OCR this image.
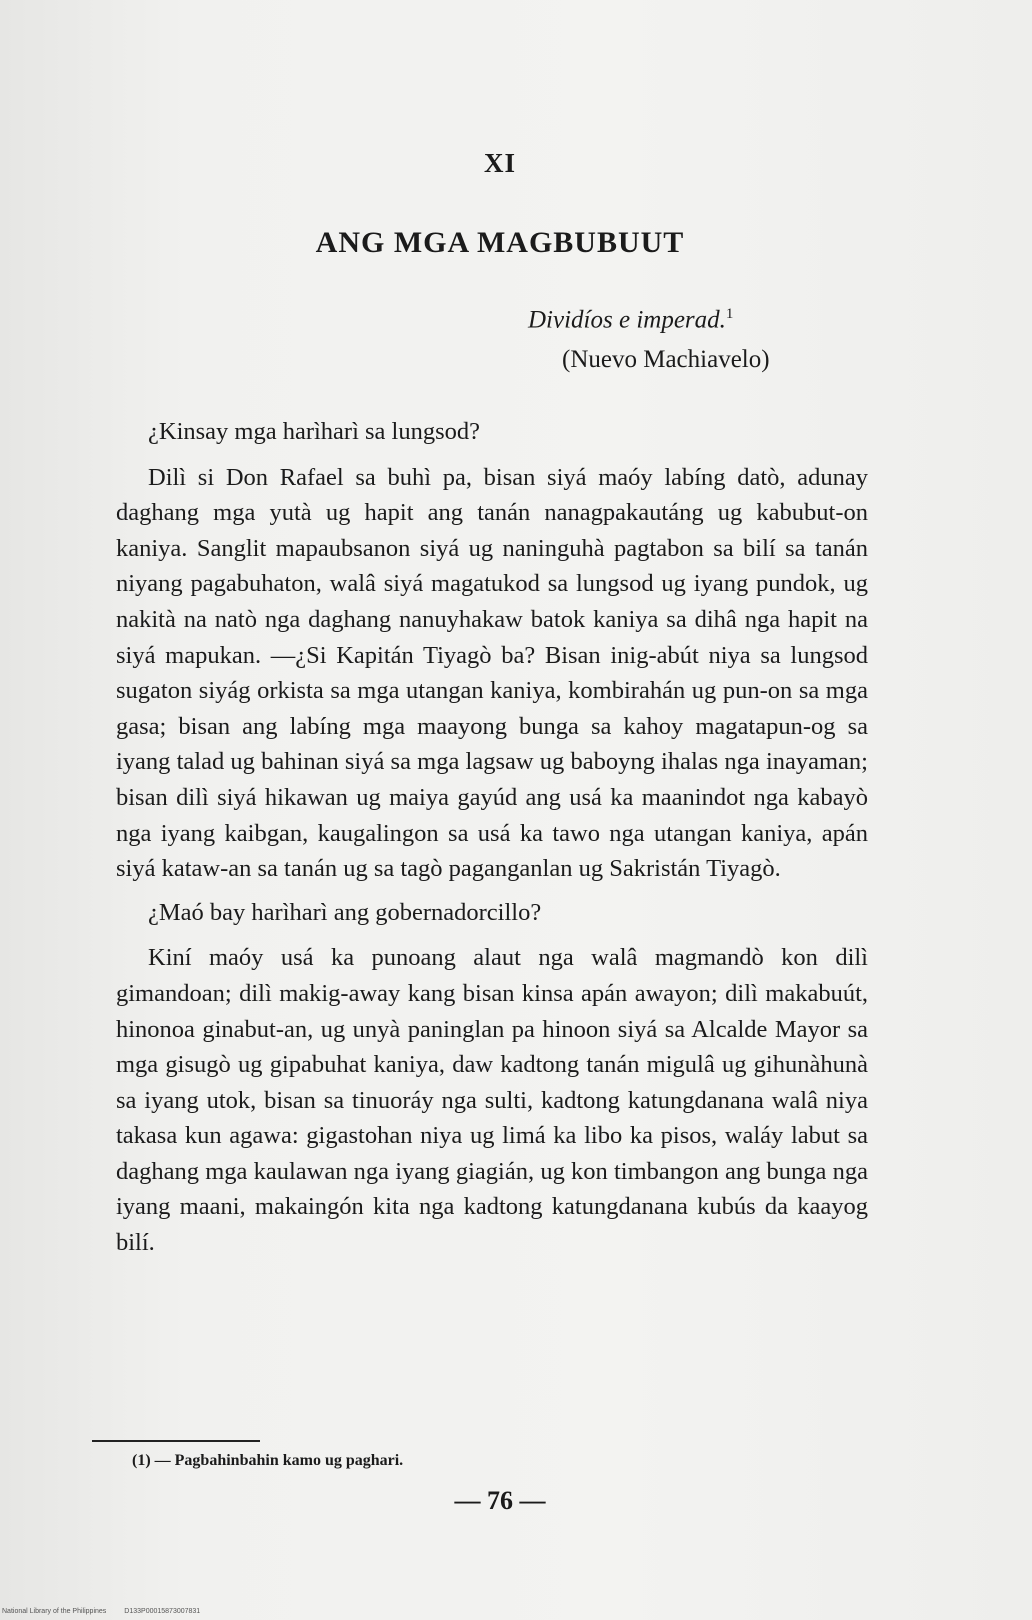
XI
ANG MGA MAGBUBUUT
Dividíos e imperad.$^1$
(Nuevo Machiavelo)

¿Kinsay mga harìharì sa lungsod?

Dilì si Don Rafael sa buhì pa, bisan siyá maóy labíng datò, adunay daghang mga yutà ug hapit ang tanán nanagpakautáng ug kabubut-on kaniya. Sanglit mapaubsanon siyá ug naninguhà pagtabon sa bilí sa tanán niyang pagabuhaton, walâ siyá magatukod sa lungsod ug iyang pundok, ug nakità na natò nga daghang nanuyhakaw batok kaniya sa dihâ nga hapit na siyá mapukan. —¿Si Kapitán Tiyagò ba? Bisan inig-abút niya sa lungsod sugaton siyág orkista sa mga utangan kaniya, kombirahán ug pun-on sa mga gasa; bisan ang labíng mga maayong bunga sa kahoy magatapun-og sa iyang talad ug bahinan siyá sa mga lagsaw ug baboyng ihalas nga inayaman; bisan dilì siyá hikawan ug maiya gayúd ang usá ka maanindot nga kabayò nga iyang kaibgan, kaugalingon sa usá ka tawo nga utangan kaniya, apán siyá kataw-an sa tanán ug sa tagò paganganlan ug Sakristán Tiyagò.

¿Maó bay harìharì ang gobernadorcillo?

Kiní maóy usá ka punoang alaut nga walâ magmandò kon dilì gimandoan; dilì makig-away kang bisan kinsa apán awayon; dilì makabuút, hinonoa ginabut-an, ug unyà paninglan pa hinoon siyá sa Alcalde Mayor sa mga gisugò ug gipabuhat kaniya, daw kadtong tanán migulâ ug gihunàhunà sa iyang utok, bisan sa tinuoráy nga sulti, kadtong katungdanana walâ niya takasa kun agawa: gigastohan niya ug limá ka libo ka pisos, waláy labut sa daghang mga kaulawan nga iyang giagián, ug kon timbangon ang bunga nga iyang maani, makaingón kita nga kadtong katungdanana kubús da kaayog bilí.

(1) — Pagbahinbahin kamo ug paghari.
— 76 —
National Library of the Philippines	D133P00015873007831
